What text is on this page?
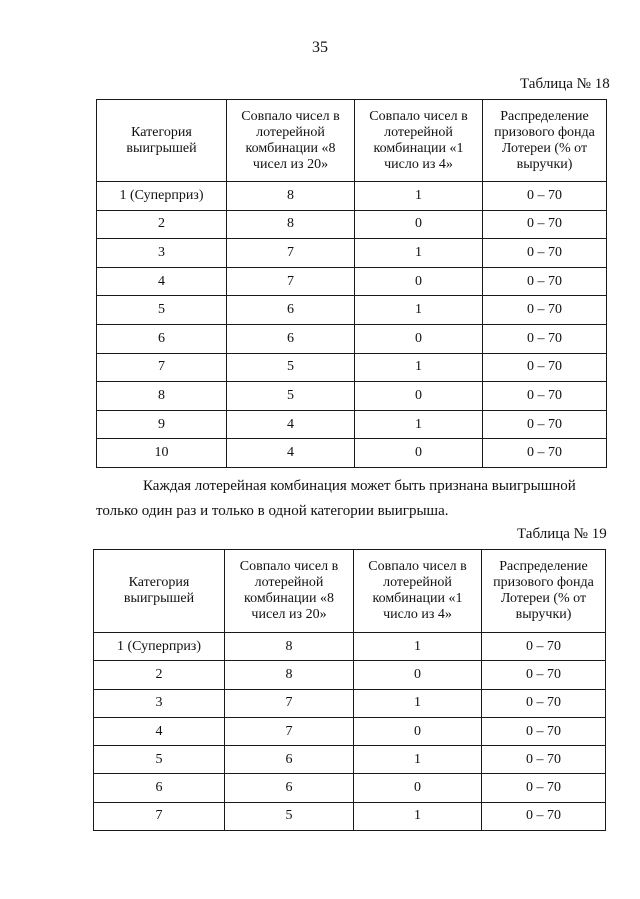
35
Таблица № 18
Категория выигрышей	Совпало чисел в лотерейной комбинации «8 чисел из 20»	Совпало чисел в лотерейной комбинации «1 число из 4»	Распределение призового фонда Лотереи (% от выручки)
1 (Суперприз)	8	1	0 – 70
2	8	0	0 – 70
3	7	1	0 – 70
4	7	0	0 – 70
5	6	1	0 – 70
6	6	0	0 – 70
7	5	1	0 – 70
8	5	0	0 – 70
9	4	1	0 – 70
10	4	0	0 – 70
Каждая лотерейная комбинация может быть признана выигрышной только один раз и только в одной категории выигрыша.
Таблица № 19
Категория выигрышей	Совпало чисел в лотерейной комбинации «8 чисел из 20»	Совпало чисел в лотерейной комбинации «1 число из 4»	Распределение призового фонда Лотереи (% от выручки)
1 (Суперприз)	8	1	0 – 70
2	8	0	0 – 70
3	7	1	0 – 70
4	7	0	0 – 70
5	6	1	0 – 70
6	6	0	0 – 70
7	5	1	0 – 70
